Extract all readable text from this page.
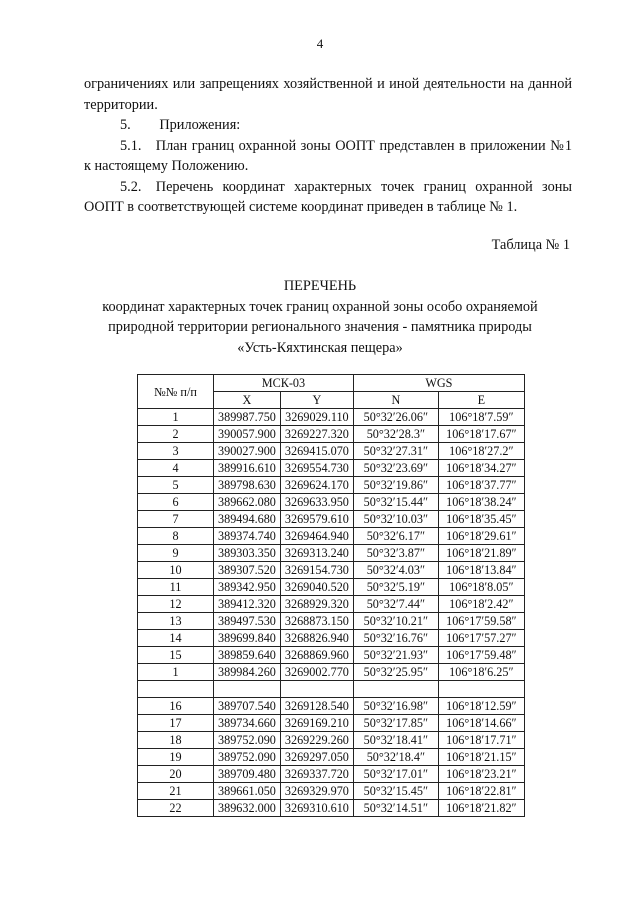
4

ограничениях или запрещениях хозяйственной и иной деятельности на данной территории.

5.  Приложения:

5.1. План границ охранной зоны ООПТ представлен в приложении №1 к настоящему Положению.

5.2. Перечень координат характерных точек границ охранной зоны ООПТ в соответствующей системе координат приведен в таблице № 1.

Таблица № 1

ПЕРЕЧЕНЬ

координат характерных точек границ охранной зоны особо охраняемой

природной территории регионального значения - памятника природы

«Усть-Кяхтинская пещера»

№№ п/п	МСК-03		WGS	
	X	Y	N	E
1	389987.750	3269029.110	50°32′26.06″	106°18′7.59″
2	390057.900	3269227.320	50°32′28.3″	106°18′17.67″
3	390027.900	3269415.070	50°32′27.31″	106°18′27.2″
4	389916.610	3269554.730	50°32′23.69″	106°18′34.27″
5	389798.630	3269624.170	50°32′19.86″	106°18′37.77″
6	389662.080	3269633.950	50°32′15.44″	106°18′38.24″
7	389494.680	3269579.610	50°32′10.03″	106°18′35.45″
8	389374.740	3269464.940	50°32′6.17″	106°18′29.61″
9	389303.350	3269313.240	50°32′3.87″	106°18′21.89″
10	389307.520	3269154.730	50°32′4.03″	106°18′13.84″
11	389342.950	3269040.520	50°32′5.19″	106°18′8.05″
12	389412.320	3268929.320	50°32′7.44″	106°18′2.42″
13	389497.530	3268873.150	50°32′10.21″	106°17′59.58″
14	389699.840	3268826.940	50°32′16.76″	106°17′57.27″
15	389859.640	3268869.960	50°32′21.93″	106°17′59.48″
1	389984.260	3269002.770	50°32′25.95″	106°18′6.25″

16	389707.540	3269128.540	50°32′16.98″	106°18′12.59″
17	389734.660	3269169.210	50°32′17.85″	106°18′14.66″
18	389752.090	3269229.260	50°32′18.41″	106°18′17.71″
19	389752.090	3269297.050	50°32′18.4″	106°18′21.15″
20	389709.480	3269337.720	50°32′17.01″	106°18′23.21″
21	389661.050	3269329.970	50°32′15.45″	106°18′22.81″
22	389632.000	3269310.610	50°32′14.51″	106°18′21.82″
